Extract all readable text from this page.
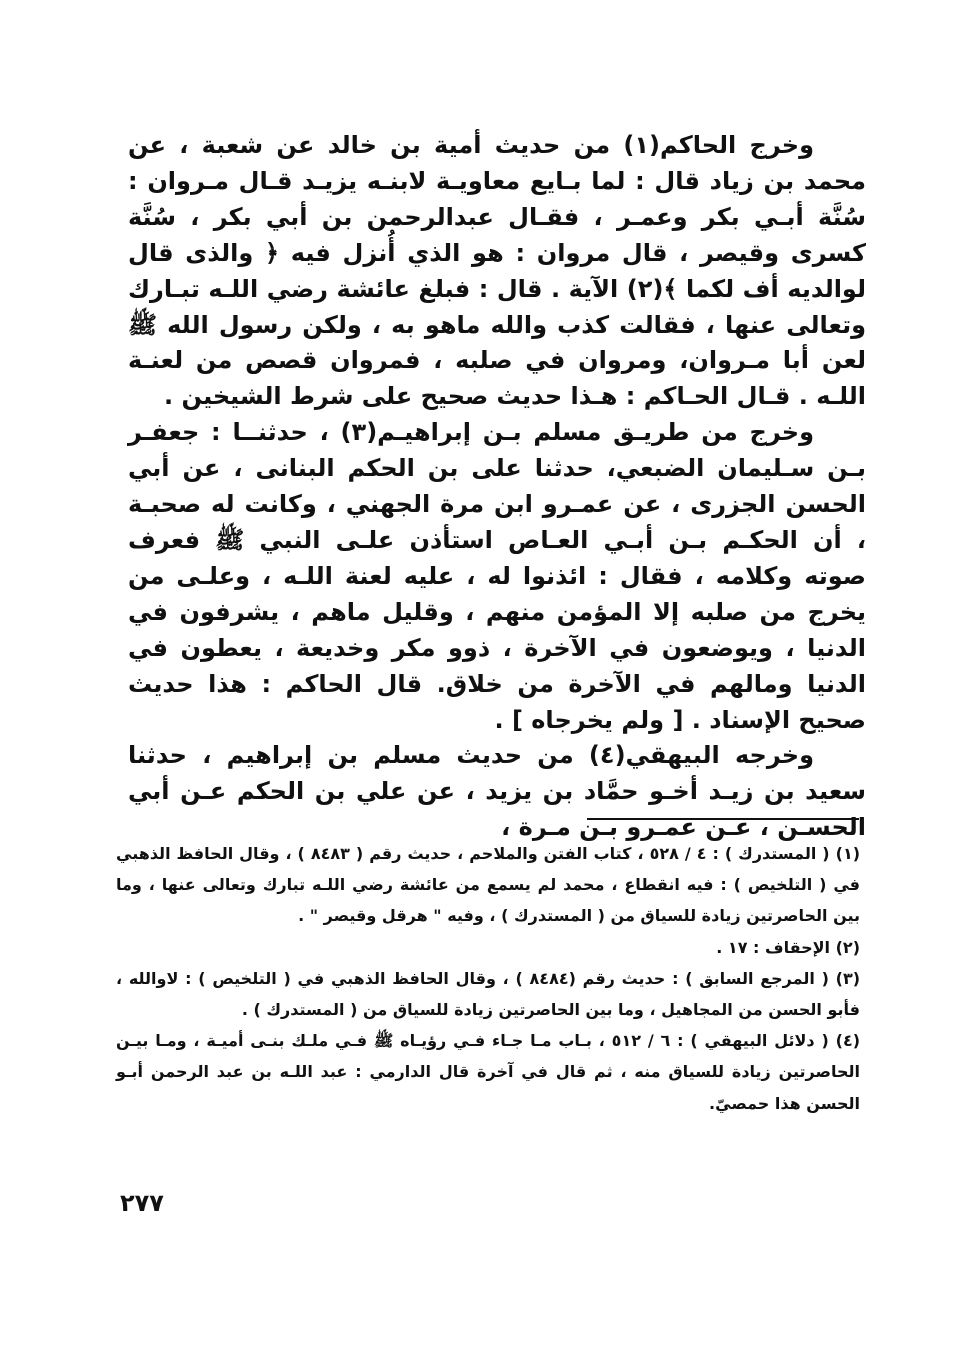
وخرج الحاكم(١) من حديث أمية بن خالد عن شعبة ، عن محمد بن زياد قال : لما بـايع معاويـة لابنـه يزيـد قـال مـروان : سُنَّة أبـي بكر وعمـر ، فقـال عبدالرحمن بن أبي بكر ، سُنَّة كسرى وقيصر ، قال مروان : هو الذي أُنزل فيه ﴿ والذى قال لوالديه أف لكما ﴾(٢) الآية . قال : فبلغ عائشة رضي اللـه تبـارك وتعالى عنها ، فقالت كذب والله ماهو به ، ولكن رسول الله ﷺ لعن أبا مـروان، ومروان في صلبه ، فمروان قصص من لعنـة اللـه . قـال الحـاكم : هـذا حديث صحيح على شرط الشيخين .

وخرج من طريـق مسلم بـن إبراهيـم(٣) ، حدثنــا : جعفـر بـن سـليمان الضبعي، حدثنا على بن الحكم البنانى ، عن أبي الحسن الجزرى ، عن عمـرو ابن مرة الجهني ، وكانت له صحبـة ، أن الحكـم بـن أبـي العـاص استأذن علـى النبي ﷺ فعرف صوته وكلامه ، فقال : ائذنوا له ، عليه لعنة اللـه ، وعلـى من يخرج من صلبه إلا المؤمن منهم ، وقليل ماهم ، يشرفون في الدنيا ، ويوضعون في الآخرة ، ذوو مكر وخديعة ، يعطون في الدنيا ومالهم في الآخرة من خلاق. قال الحاكم : هذا حديث صحيح الإسناد . [ ولم يخرجاه ] .

وخرجه البيهقي(٤) من حديث مسلم بن إبراهيم ، حدثنا سعيد بن زيـد أخـو حمَّاد بن يزيد ، عن علي بن الحكم عـن أبي الحسـن ، عـن عمـرو بـن مـرة ،

(١) ( المستدرك ) : ٤ / ٥٢٨ ، كتاب الفتن والملاحم ، حديث رقم ( ٨٤٨٣ ) ، وقال الحافظ الذهبي في ( التلخيص ) : فيه انقطاع ، محمد لم يسمع من عائشة رضي اللـه تبارك وتعالى عنها ، وما بين الحاصرتين زيادة للسياق من ( المستدرك ) ، وفيه " هرقل وقيصر " .

(٢) الإحقاف : ١٧ .

(٣) ( المرجع السابق ) : حديث رقم (٨٤٨٤ ) ، وقال الحافظ الذهبي في ( التلخيص ) : لاوالله ، فأبو الحسن من المجاهيل ، وما بين الحاصرتين زيادة للسياق من ( المستدرك ) .

(٤) ( دلائل البيهقي ) : ٦ / ٥١٢ ، بـاب مـا جـاء فـي رؤيـاه ﷺ فـي ملـك بنـى أميـة ، ومـا بيـن الحاصرتين زيادة للسياق منه ، ثم قال في آخرة قال الدارمي : عبد اللـه بن عبد الرحمن أبـو الحسن هذا حمصيّ.

٢٧٧
